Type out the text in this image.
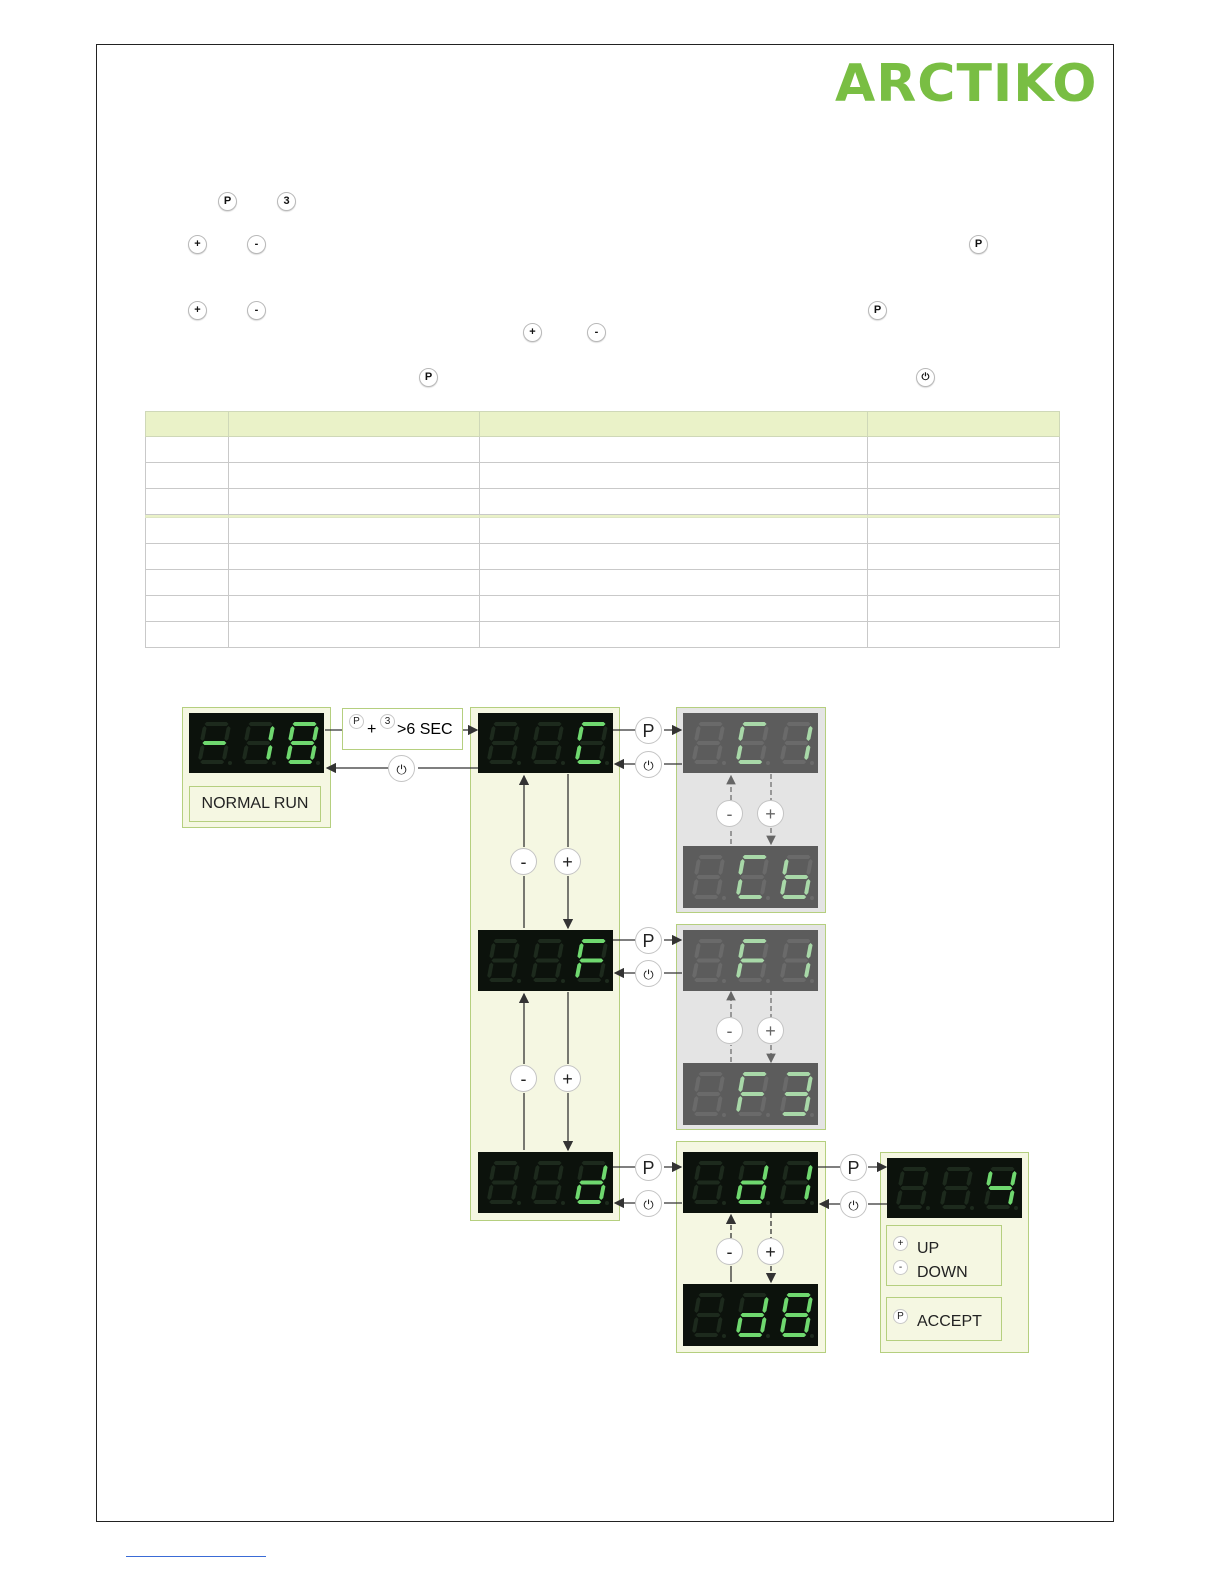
ARCTIKO
P	3
+	-	P
+	-	P
+	-
P	⏻

NORMAL RUN
P + 3 >6 SEC
⏻
P
⏻
P
⏻
P
⏻
P
⏻
-	+
-	+
-	+
-	+
-	+	+ UP
- DOWN
P ACCEPT
